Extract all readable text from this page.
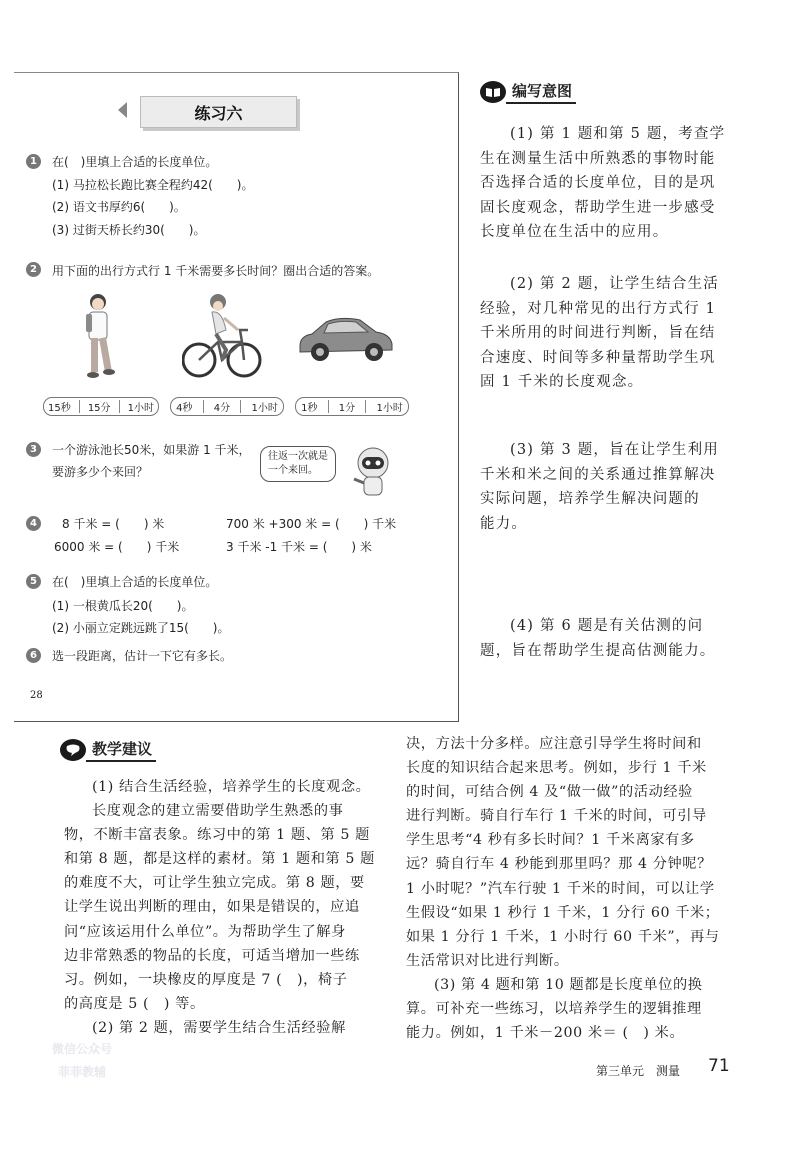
练习六
1	在(　)里填上合适的长度单位。
(1) 马拉松长跑比赛全程约42(　　)。
(2) 语文书厚约6(　　)。
(3) 过街天桥长约30(　　)。
2	用下面的出行方式行 1 千米需要多长时间？圈出合适的答案。
15秒 15分 1小时 4秒 4分 1小时 1秒 1分 1小时
3	一个游泳池长50米，如果游 1 千米，
要游多少个来回？
往返一次就是
一个来回。
4	8 千米 = (　　) 米	700 米 +300 米 = (　　) 千米
6000 米 = (　　) 千米	3 千米 -1 千米 = (　　) 米
5	在(　)里填上合适的长度单位。
(1) 一根黄瓜长20(　　)。
(2) 小丽立定跳远跳了15(　　)。
6	选一段距离，估计一下它有多长。
28
编写意图
(1) 第 1 题和第 5 题，考查学
生在测量生活中所熟悉的事物时能
否选择合适的长度单位，目的是巩
固长度观念，帮助学生进一步感受
长度单位在生活中的应用。
(2) 第 2 题，让学生结合生活
经验，对几种常见的出行方式行 1
千米所用的时间进行判断，旨在结
合速度、时间等多种量帮助学生巩
固 1 千米的长度观念。
(3) 第 3 题，旨在让学生利用
千米和米之间的关系通过推算解决
实际问题，培养学生解决问题的
能力。
(4) 第 6 题是有关估测的问
题，旨在帮助学生提高估测能力。
教学建议
(1) 结合生活经验，培养学生的长度观念。
长度观念的建立需要借助学生熟悉的事
物，不断丰富表象。练习中的第 1 题、第 5 题
和第 8 题，都是这样的素材。第 1 题和第 5 题
的难度不大，可让学生独立完成。第 8 题，要
让学生说出判断的理由，如果是错误的，应追
问“应该运用什么单位”。为帮助学生了解身
边非常熟悉的物品的长度，可适当增加一些练
习。例如，一块橡皮的厚度是 7 (　)，椅子
的高度是 5 (　) 等。
(2) 第 2 题，需要学生结合生活经验解
决，方法十分多样。应注意引导学生将时间和
长度的知识结合起来思考。例如，步行 1 千米
的时间，可结合例 4 及“做一做”的活动经验
进行判断。骑自行车行 1 千米的时间，可引导
学生思考“4 秒有多长时间？1 千米离家有多
远？骑自行车 4 秒能到那里吗？那 4 分钟呢？
1 小时呢？”汽车行驶 1 千米的时间，可以让学
生假设“如果 1 秒行 1 千米，1 分行 60 千米；
如果 1 分行 1 千米，1 小时行 60 千米”，再与
生活常识对比进行判断。
(3) 第 4 题和第 10 题都是长度单位的换
算。可补充一些练习，以培养学生的逻辑推理
能力。例如，1 千米－200 米＝ (　) 米。
第三单元　测量 71
微信公众号
菲菲教辅
